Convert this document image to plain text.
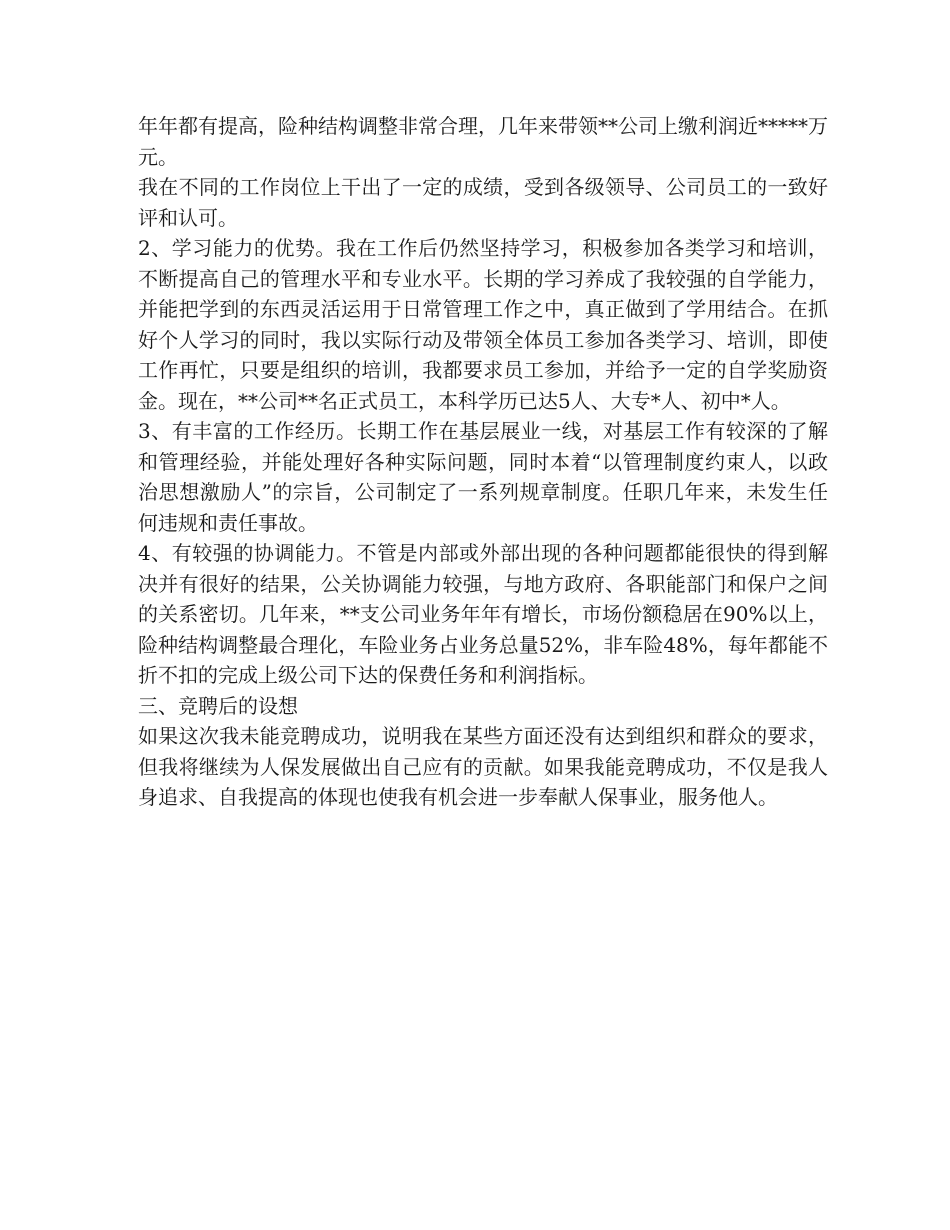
年年都有提高，险种结构调整非常合理，几年来带领**公司上缴利润近*****万元。

我在不同的工作岗位上干出了一定的成绩，受到各级领导、公司员工的一致好评和认可。

2、学习能力的优势。我在工作后仍然坚持学习，积极参加各类学习和培训，不断提高自己的管理水平和专业水平。长期的学习养成了我较强的自学能力，并能把学到的东西灵活运用于日常管理工作之中，真正做到了学用结合。在抓好个人学习的同时，我以实际行动及带领全体员工参加各类学习、培训，即使工作再忙，只要是组织的培训，我都要求员工参加，并给予一定的自学奖励资金。现在，**公司**名正式员工，本科学历已达5人、大专*人、初中*人。

3、有丰富的工作经历。长期工作在基层展业一线，对基层工作有较深的了解和管理经验，并能处理好各种实际问题，同时本着“以管理制度约束人，以政治思想激励人”的宗旨，公司制定了一系列规章制度。任职几年来，未发生任何违规和责任事故。

4、有较强的协调能力。不管是内部或外部出现的各种问题都能很快的得到解决并有很好的结果，公关协调能力较强，与地方政府、各职能部门和保户之间的关系密切。几年来，**支公司业务年年有增长，市场份额稳居在90%以上，险种结构调整最合理化，车险业务占业务总量52%，非车险48%，每年都能不折不扣的完成上级公司下达的保费任务和利润指标。

三、竞聘后的设想

如果这次我未能竞聘成功，说明我在某些方面还没有达到组织和群众的要求，但我将继续为人保发展做出自己应有的贡献。如果我能竞聘成功，不仅是我人身追求、自我提高的体现也使我有机会进一步奉献人保事业，服务他人。
